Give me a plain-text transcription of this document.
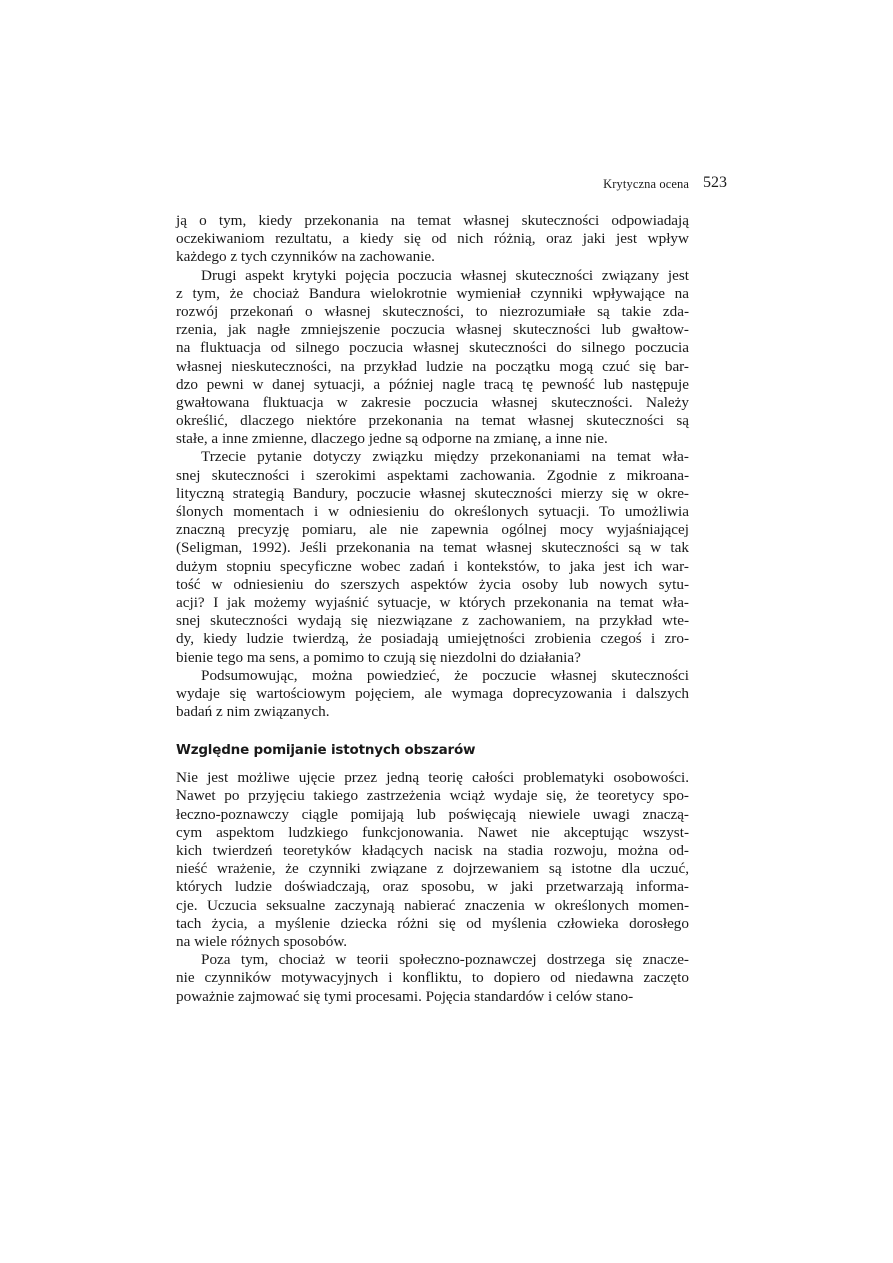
Krytyczna ocena 523
ją o tym, kiedy przekonania na temat własnej skuteczności odpowiadają
oczekiwaniom rezultatu, a kiedy się od nich różnią, oraz jaki jest wpływ
każdego z tych czynników na zachowanie.
Drugi aspekt krytyki pojęcia poczucia własnej skuteczności związany jest
z tym, że chociaż Bandura wielokrotnie wymieniał czynniki wpływające na
rozwój przekonań o własnej skuteczności, to niezrozumiałe są takie zda-
rzenia, jak nagłe zmniejszenie poczucia własnej skuteczności lub gwałtow-
na fluktuacja od silnego poczucia własnej skuteczności do silnego poczucia
własnej nieskuteczności, na przykład ludzie na początku mogą czuć się bar-
dzo pewni w danej sytuacji, a później nagle tracą tę pewność lub następuje
gwałtowana fluktuacja w zakresie poczucia własnej skuteczności. Należy
określić, dlaczego niektóre przekonania na temat własnej skuteczności są
stałe, a inne zmienne, dlaczego jedne są odporne na zmianę, a inne nie.
Trzecie pytanie dotyczy związku między przekonaniami na temat wła-
snej skuteczności i szerokimi aspektami zachowania. Zgodnie z mikroana-
lityczną strategią Bandury, poczucie własnej skuteczności mierzy się w okre-
ślonych momentach i w odniesieniu do określonych sytuacji. To umożliwia
znaczną precyzję pomiaru, ale nie zapewnia ogólnej mocy wyjaśniającej
(Seligman, 1992). Jeśli przekonania na temat własnej skuteczności są w tak
dużym stopniu specyficzne wobec zadań i kontekstów, to jaka jest ich war-
tość w odniesieniu do szerszych aspektów życia osoby lub nowych sytu-
acji? I jak możemy wyjaśnić sytuacje, w których przekonania na temat wła-
snej skuteczności wydają się niezwiązane z zachowaniem, na przykład wte-
dy, kiedy ludzie twierdzą, że posiadają umiejętności zrobienia czegoś i zro-
bienie tego ma sens, a pomimo to czują się niezdolni do działania?
Podsumowując, można powiedzieć, że poczucie własnej skuteczności
wydaje się wartościowym pojęciem, ale wymaga doprecyzowania i dalszych
badań z nim związanych.
Względne pomijanie istotnych obszarów
Nie jest możliwe ujęcie przez jedną teorię całości problematyki osobowości.
Nawet po przyjęciu takiego zastrzeżenia wciąż wydaje się, że teoretycy spo-
łeczno-poznawczy ciągle pomijają lub poświęcają niewiele uwagi znaczą-
cym aspektom ludzkiego funkcjonowania. Nawet nie akceptując wszyst-
kich twierdzeń teoretyków kładących nacisk na stadia rozwoju, można od-
nieść wrażenie, że czynniki związane z dojrzewaniem są istotne dla uczuć,
których ludzie doświadczają, oraz sposobu, w jaki przetwarzają informa-
cje. Uczucia seksualne zaczynają nabierać znaczenia w określonych momen-
tach życia, a myślenie dziecka różni się od myślenia człowieka dorosłego
na wiele różnych sposobów.
Poza tym, chociaż w teorii społeczno-poznawczej dostrzega się znacze-
nie czynników motywacyjnych i konfliktu, to dopiero od niedawna zaczęto
poważnie zajmować się tymi procesami. Pojęcia standardów i celów stano-
